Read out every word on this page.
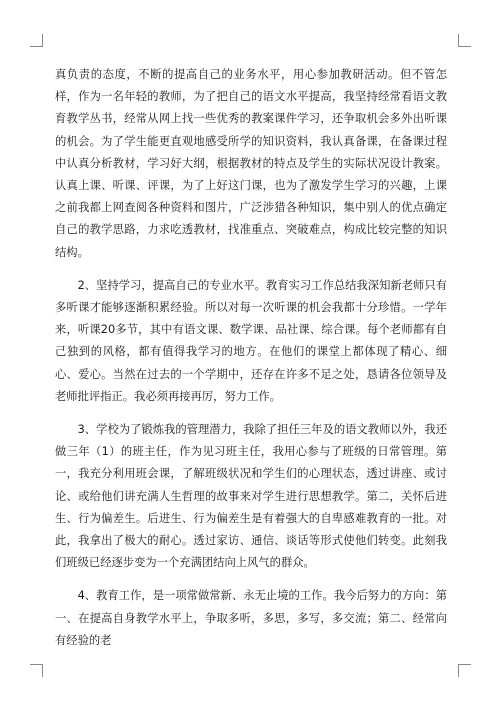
真负责的态度，不断的提高自己的业务水平，用心参加教研活动。但不管怎样，作为一名年轻的教师，为了把自己的语文水平提高，我坚持经常看语文教育教学丛书，经常从网上找一些优秀的教案课件学习，还争取机会多外出听课的机会。为了学生能更直观地感受所学的知识资料，我认真备课，在备课过程中认真分析教材，学习好大纲，根据教材的特点及学生的实际状况设计教案。认真上课、听课、评课，为了上好这门课，也为了激发学生学习的兴趣，上课之前我都上网查阅各种资料和图片，广泛涉猎各种知识，集中别人的优点确定自己的教学思路，力求吃透教材，找准重点、突破难点，构成比较完整的知识结构。

2、坚持学习，提高自己的专业水平。教育实习工作总结我深知新老师只有多听课才能够逐渐积累经验。所以对每一次听课的机会我都十分珍惜。一学年来，听课20多节，其中有语文课、数学课、品社课、综合课。每个老师都有自己独到的风格，都有值得我学习的地方。在他们的课堂上都体现了精心、细心、爱心。当然在过去的一个学期中，还存在许多不足之处，恳请各位领导及老师批评指正。我必须再接再厉，努力工作。

3、学校为了锻炼我的管理潜力，我除了担任三年及的语文教师以外，我还做三年（1）的班主任，作为见习班主任，我用心参与了班级的日常管理。第一，我充分利用班会课，了解班级状况和学生们的心理状态，透过讲座、或讨论、或给他们讲充满人生哲理的故事来对学生进行思想教学。第二，关怀后进生、行为偏差生。后进生、行为偏差生是有着强大的自卑感难教育的一批。对此，我拿出了极大的耐心。透过家访、通信、谈话等形式使他们转变。此刻我们班级已经逐步变为一个充满团结向上风气的群众。

4、教育工作，是一项常做常新、永无止境的工作。我今后努力的方向：第一、在提高自身教学水平上，争取多听，多思，多写，多交流；第二、经常向有经验的老
